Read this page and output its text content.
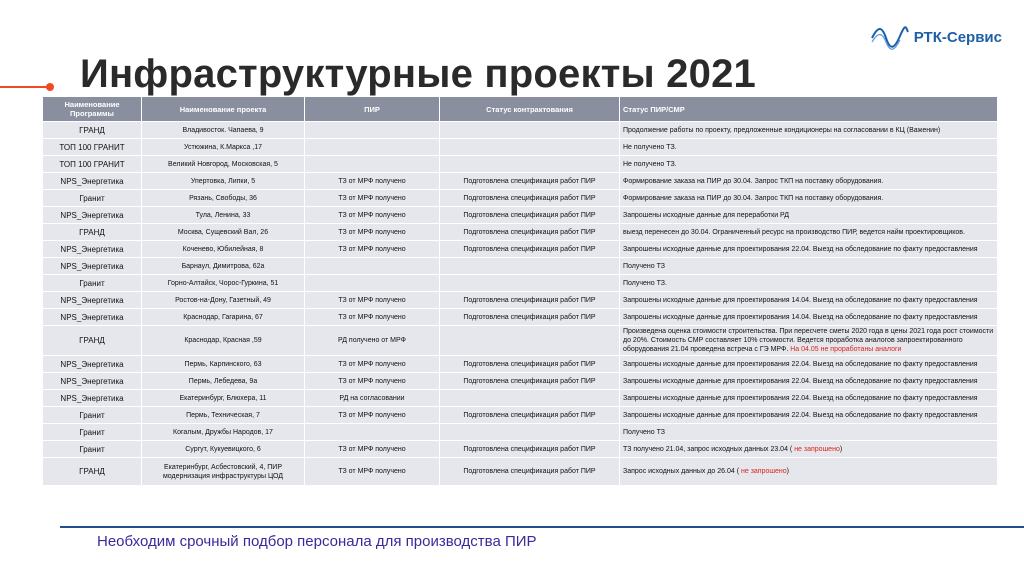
РТК-Сервис
Инфраструктурные проекты 2021
Наименование Программы	Наименование проекта	ПИР	Статус контрактования	Статус ПИР/СМР
ГРАНД	Владивосток. Чапаева, 9			Продолжение работы по проекту, предложенные кондиционеры на согласовании в КЦ (Важенин)
ТОП 100 ГРАНИТ	Устюжина, К.Маркса ,17			Не получено ТЗ.
ТОП 100 ГРАНИТ	Великий Новгород, Московская, 5			Не получено ТЗ.
NPS_Энергетика	Упертовка, Липки, 5	ТЗ от МРФ получено	Подготовлена спецификация работ ПИР	Формирование заказа на ПИР до 30.04. Запрос ТКП на поставку оборудования.
Гранит	Рязань, Свободы, 36	ТЗ от МРФ получено	Подготовлена спецификация работ ПИР	Формирование заказа на ПИР до 30.04. Запрос ТКП на поставку оборудования.
NPS_Энергетика	Тула, Ленина, 33	ТЗ от МРФ получено	Подготовлена спецификация работ ПИР	Запрошены исходные данные для переработки РД
ГРАНД	Москва, Сущевский Вал, 26	ТЗ от МРФ получено	Подготовлена спецификация работ ПИР	выезд перенесен до 30.04. Ограниченный ресурс на производство ПИР, ведется найм проектировщиков.
NPS_Энергетика	Коченево, Юбилейная, 8	ТЗ от МРФ получено	Подготовлена спецификация работ ПИР	Запрошены исходные данные для проектирования 22.04. Выезд на обследование по факту предоставления
NPS_Энергетика	Барнаул, Димитрова, 62а			Получено ТЗ
Гранит	Горно-Алтайск, Чорос-Гуркина, 51			Получено ТЗ.
NPS_Энергетика	Ростов-на-Дону, Газетный, 49	ТЗ от МРФ получено	Подготовлена спецификация работ ПИР	Запрошены исходные данные для проектирования 14.04. Выезд на обследование по факту предоставления
NPS_Энергетика	Краснодар, Гагарина, 67	ТЗ от МРФ получено	Подготовлена спецификация работ ПИР	Запрошены исходные данные для проектирования 14.04. Выезд на обследование по факту предоставления
ГРАНД	Краснодар, Красная ,59	РД получено от МРФ		Произведена оценка стоимости строительства. При пересчете сметы 2020 года в цены 2021 года рост стоимости до 20%. Стоимость СМР составляет 10% стоимости. Ведется проработка аналогов запроектированного оборудования 21.04 проведена встреча с ГЭ МРФ. На 04.05 не проработаны аналоги
NPS_Энергетика	Пермь, Карпинского, 63	ТЗ от МРФ получено	Подготовлена спецификация работ ПИР	Запрошены исходные данные для проектирования 22.04. Выезд на обследование по факту предоставления
NPS_Энергетика	Пермь, Лебедева, 9а	ТЗ от МРФ получено	Подготовлена спецификация работ ПИР	Запрошены исходные данные для проектирования 22.04. Выезд на обследование по факту предоставления
NPS_Энергетика	Екатеринбург, Блюхера, 11	РД на согласовании		Запрошены исходные данные для проектирования 22.04. Выезд на обследование по факту предоставления
Гранит	Пермь, Техническая, 7	ТЗ от МРФ получено	Подготовлена спецификация работ ПИР	Запрошены исходные данные для проектирования 22.04. Выезд на обследование по факту предоставления
Гранит	Когалым, Дружбы Народов, 17			Получено ТЗ
Гранит	Сургут, Кукуевицкого, 6	ТЗ от МРФ получено	Подготовлена спецификация работ ПИР	ТЗ получено 21.04, запрос исходных данных 23.04 ( не запрошено)
ГРАНД	Екатеринбург, Асбестовский, 4, ПИР модернизация инфраструктуры ЦОД	ТЗ от МРФ получено	Подготовлена спецификация работ ПИР	Запрос исходных данных до 26.04 ( не запрошено)
Необходим срочный подбор персонала для производства ПИР
